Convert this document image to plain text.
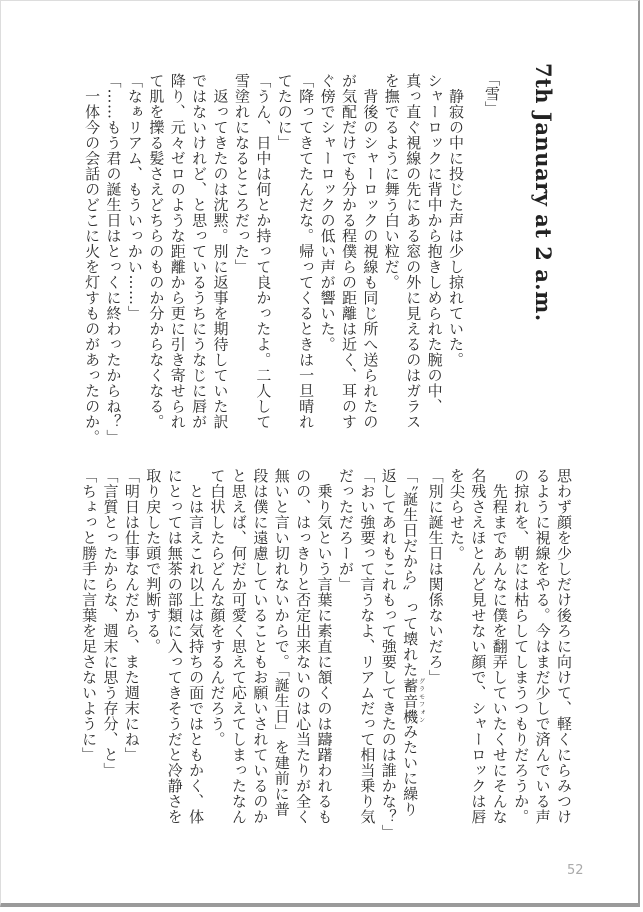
7th January at 2 a.m.
「雪」
　静寂の中に投じた声は少し掠れていた。
シャーロックに背中から抱きしめられた腕の中、
真っ直ぐ視線の先にある窓の外に見えるのはガラス
を撫でるように舞う白い粒だ。
　背後のシャーロックの視線も同じ所へ送られたの
が気配だけでも分かる程僕らの距離は近く、耳のす
ぐ傍でシャーロックの低い声が響いた。
「降ってきてたんだな。帰ってくるときは一旦晴れ
てたのに」
「うん、日中は何とか持って良かったよ。二人して
雪塗れになるところだった」
　返ってきたのは沈黙。別に返事を期待していた訳
ではないけれど、と思っているうちにうなじに唇が
降り、元々ゼロのような距離から更に引き寄せられ
て肌を擽る髪さえどちらのものか分からなくなる。
「なぁリアム、もういっかい……」
「……もう君の誕生日はとっくに終わったからね？」
　一体今の会話のどこに火を灯すものがあったのか。
思わず顔を少しだけ後ろに向けて、軽くにらみつけ
るように視線をやる。今はまだ少しで済んでいる声
の掠れを、朝には枯らしてしまうつもりだろうか。
　先程まであんなに僕を翻弄していたくせにそんな
名残さえほとんど見せない顔で、シャーロックは唇
を尖らせた。
「別に誕生日は関係ないだろ」
「〝誕生日だから〟って壊れた蓄音機グラモフォンみたいに繰り
返してあれもこれもって強要してきたのは誰かな？」
「おい強要って言うなよ、リアムだって相当乗り気
だっただろーが」
　乗り気という言葉に素直に頷くのは躊躇われるも
のの、はっきりと否定出来ないのは心当たりが全く
無いと言い切れないからで。「誕生日」を建前に普
段は僕に遠慮していることもお願いされているのか
と思えば、何だか可愛く思えて応えてしまったなん
て白状したらどんな顔をするんだろう。
　とは言えこれ以上は気持ちの面ではともかく、体
にとっては無茶の部類に入ってきそうだと冷静さを
取り戻した頭で判断する。
「明日は仕事なんだから、また週末にね」
「言質とったからな、週末に思う存分、と」
「ちょっと勝手に言葉を足さないように」
52
